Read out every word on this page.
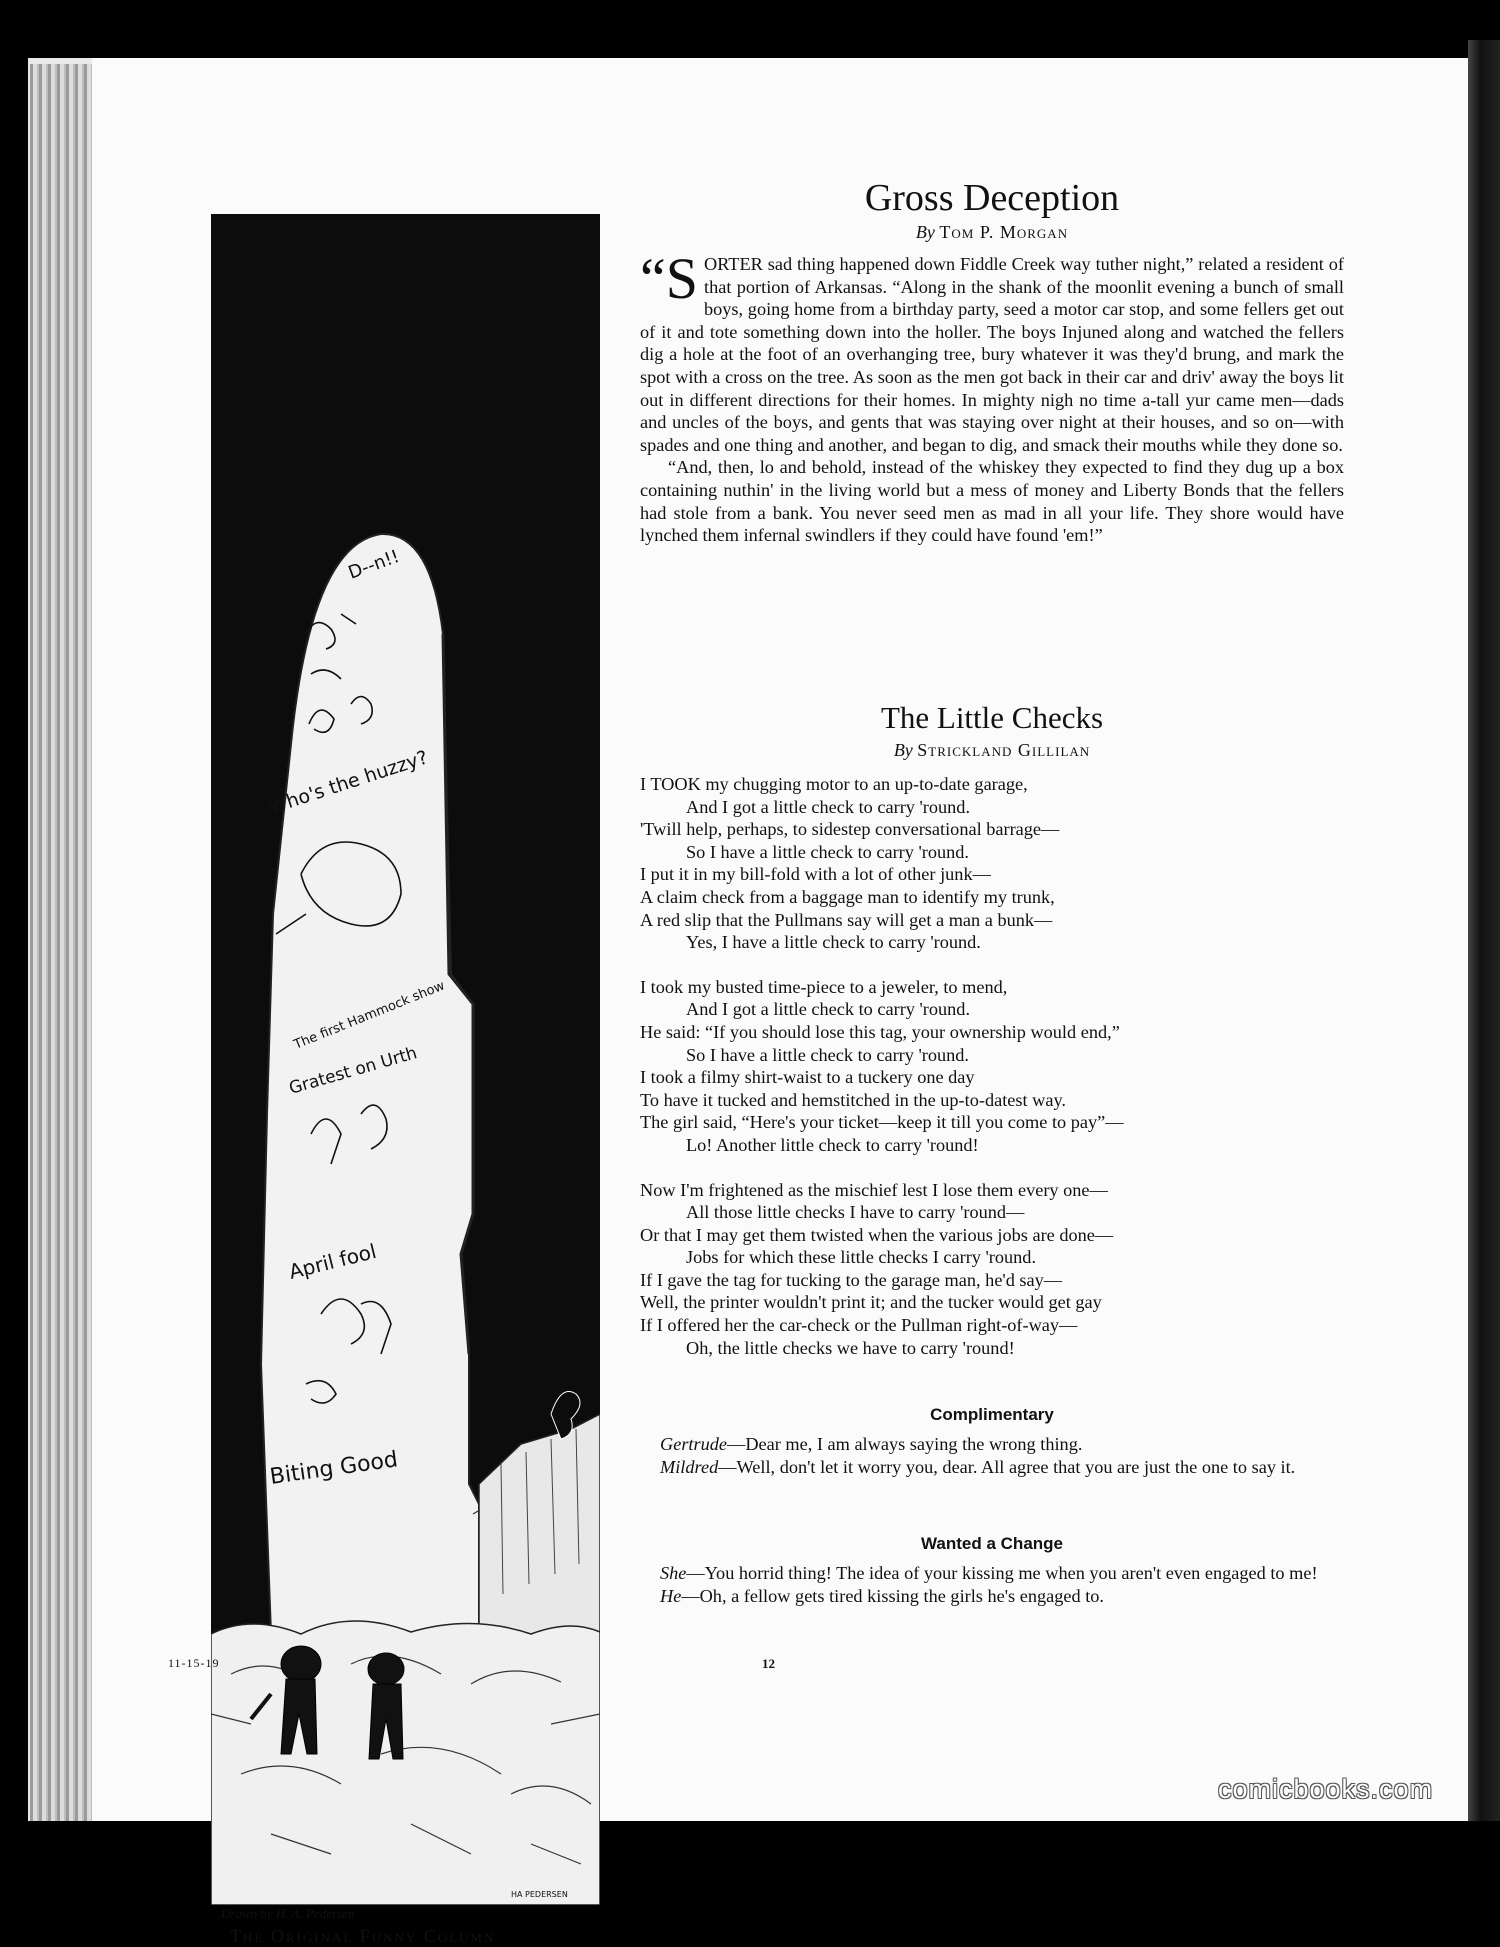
D--n!!
Who's the huzzy?
The first Hammock show
Gratest on Urth
April fool
Biting Good
HA PEDERSEN
Drawn by H. A. Pedersen
The Original Funny Column
Gross Deception
By Tom P. Morgan

“SORTER sad thing happened down Fiddle Creek way tuther night,” related a resident of that portion of Arkansas. “Along in the shank of the moonlit evening a bunch of small boys, going home from a birthday party, seed a motor car stop, and some fellers get out of it and tote something down into the holler. The boys Injuned along and watched the fellers dig a hole at the foot of an overhanging tree, bury whatever it was they'd brung, and mark the spot with a cross on the tree. As soon as the men got back in their car and driv' away the boys lit out in different directions for their homes. In mighty nigh no time a-tall yur came men—dads and uncles of the boys, and gents that was staying over night at their houses, and so on—with spades and one thing and another, and began to dig, and smack their mouths while they done so.

“And, then, lo and behold, instead of the whiskey they expected to find they dug up a box containing nuthin' in the living world but a mess of money and Liberty Bonds that the fellers had stole from a bank. You never seed men as mad in all your life. They shore would have lynched them infernal swindlers if they could have found 'em!”

The Little Checks
By Strickland Gillilan
I TOOK my chugging motor to an up-to-date garage,
And I got a little check to carry 'round.
'Twill help, perhaps, to sidestep conversational barrage—
So I have a little check to carry 'round.
I put it in my bill-fold with a lot of other junk—
A claim check from a baggage man to identify my trunk,
A red slip that the Pullmans say will get a man a bunk—
Yes, I have a little check to carry 'round.
I took my busted time-piece to a jeweler, to mend,
And I got a little check to carry 'round.
He said: “If you should lose this tag, your ownership would end,”
So I have a little check to carry 'round.
I took a filmy shirt-waist to a tuckery one day
To have it tucked and hemstitched in the up-to-datest way.
The girl said, “Here's your ticket—keep it till you come to pay”—
Lo! Another little check to carry 'round!
Now I'm frightened as the mischief lest I lose them every one—
All those little checks I have to carry 'round—
Or that I may get them twisted when the various jobs are done—
Jobs for which these little checks I carry 'round.
If I gave the tag for tucking to the garage man, he'd say—
Well, the printer wouldn't print it; and the tucker would get gay
If I offered her the car-check or the Pullman right-of-way—
Oh, the little checks we have to carry 'round!

Complimentary

Gertrude—Dear me, I am always saying the wrong thing.

Mildred—Well, don't let it worry you, dear. All agree that you are just the one to say it.

Wanted a Change

She—You horrid thing! The idea of your kissing me when you aren't even engaged to me!

He—Oh, a fellow gets tired kissing the girls he's engaged to.

11-15-19	12
comicbooks.com
